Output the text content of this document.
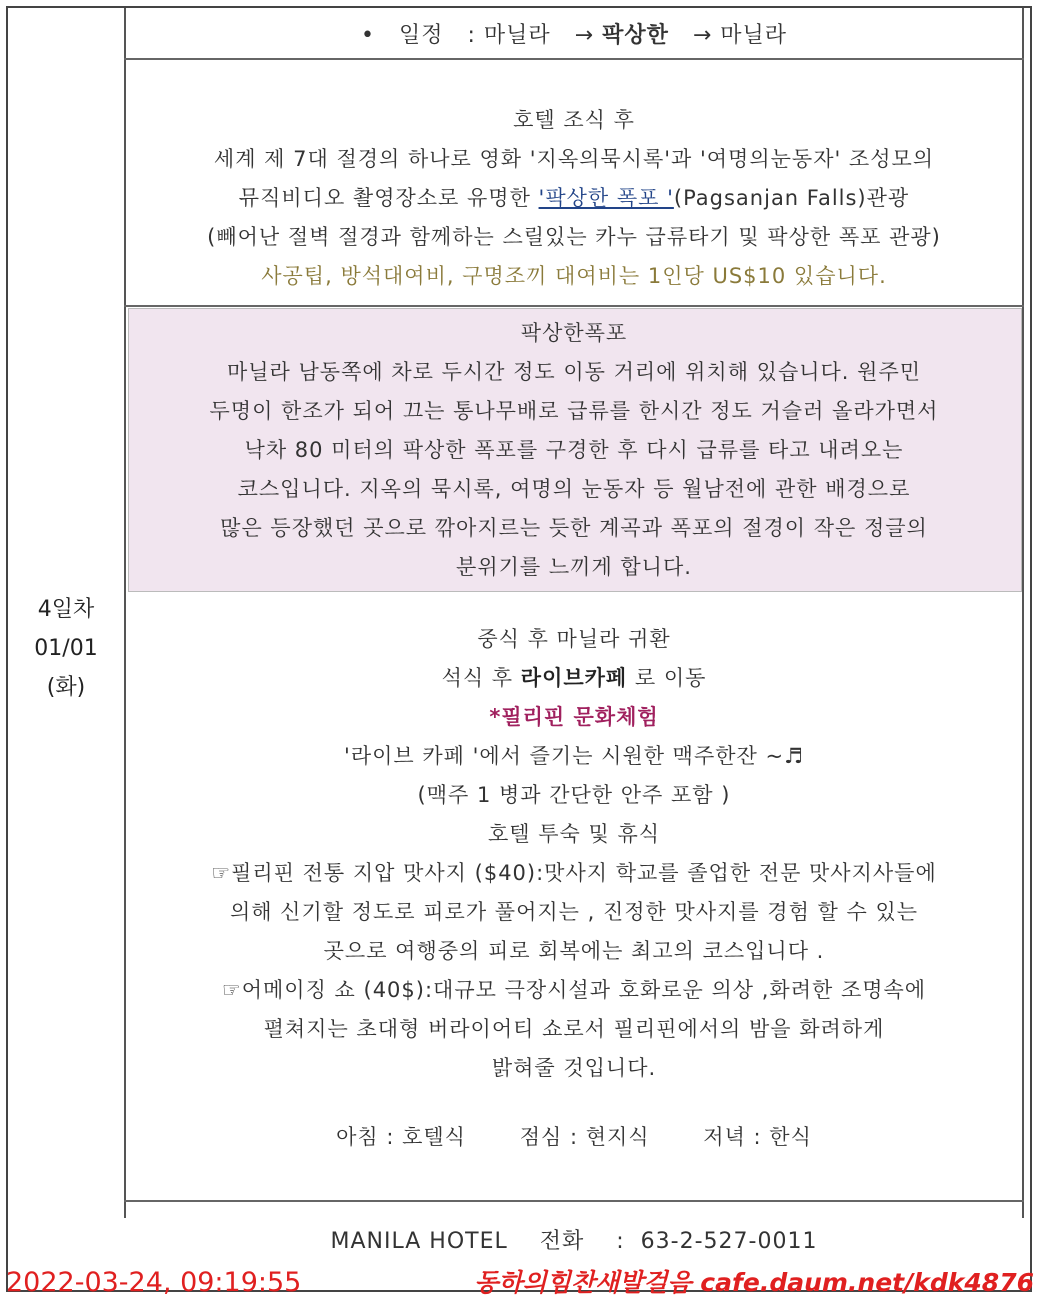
4일차
01/01
(화)
• 일정 : 마닐라 → 팍상한 → 마닐라

호텔 조식 후

세계 제 7대 절경의 하나로 영화 '지옥의묵시록'과 '여명의눈동자' 조성모의

뮤직비디오 촬영장소로 유명한 '팍상한 폭포 '(Pagsanjan Falls)관광

(빼어난 절벽 절경과 함께하는 스릴있는 카누 급류타기 및 팍상한 폭포 관광)

사공팁, 방석대여비, 구명조끼 대여비는 1인당 US$10 있습니다.

팍상한폭포

마닐라 남동쪽에 차로 두시간 정도 이동 거리에 위치해 있습니다. 원주민

두명이 한조가 되어 끄는 통나무배로 급류를 한시간 정도 거슬러 올라가면서

낙차 80 미터의 팍상한 폭포를 구경한 후 다시 급류를 타고 내려오는

코스입니다. 지옥의 묵시록, 여명의 눈동자 등 월남전에 관한 배경으로

많은 등장했던 곳으로 깎아지르는 듯한 계곡과 폭포의 절경이 작은 정글의

분위기를 느끼게 합니다.

중식 후 마닐라 귀환

석식 후 라이브카페 로 이동

*필리핀 문화체험

'라이브 카페 '에서 즐기는 시원한 맥주한잔 ~♬

(맥주 1 병과 간단한 안주 포함 )

호텔 투숙 및 휴식

☞필리핀 전통 지압 맛사지 ($40):맛사지 학교를 졸업한 전문 맛사지사들에

의해 신기할 정도로 피로가 풀어지는 , 진정한 맛사지를 경험 할 수 있는

곳으로 여행중의 피로 회복에는 최고의 코스입니다 .

☞어메이징 쇼 (40$):대규모 극장시설과 호화로운 의상 ,화려한 조명속에

펼쳐지는 초대형 버라이어티 쇼로서 필리핀에서의 밤을 화려하게

밝혀줄 것입니다.

아침 : 호텔식	점심 : 현지식	저녁 : 한식

MANILA HOTEL 전화 : 63-2-527-0011
2022-03-24, 09:19:55	동하의힘찬새발걸음 cafe.daum.net/kdk4876
